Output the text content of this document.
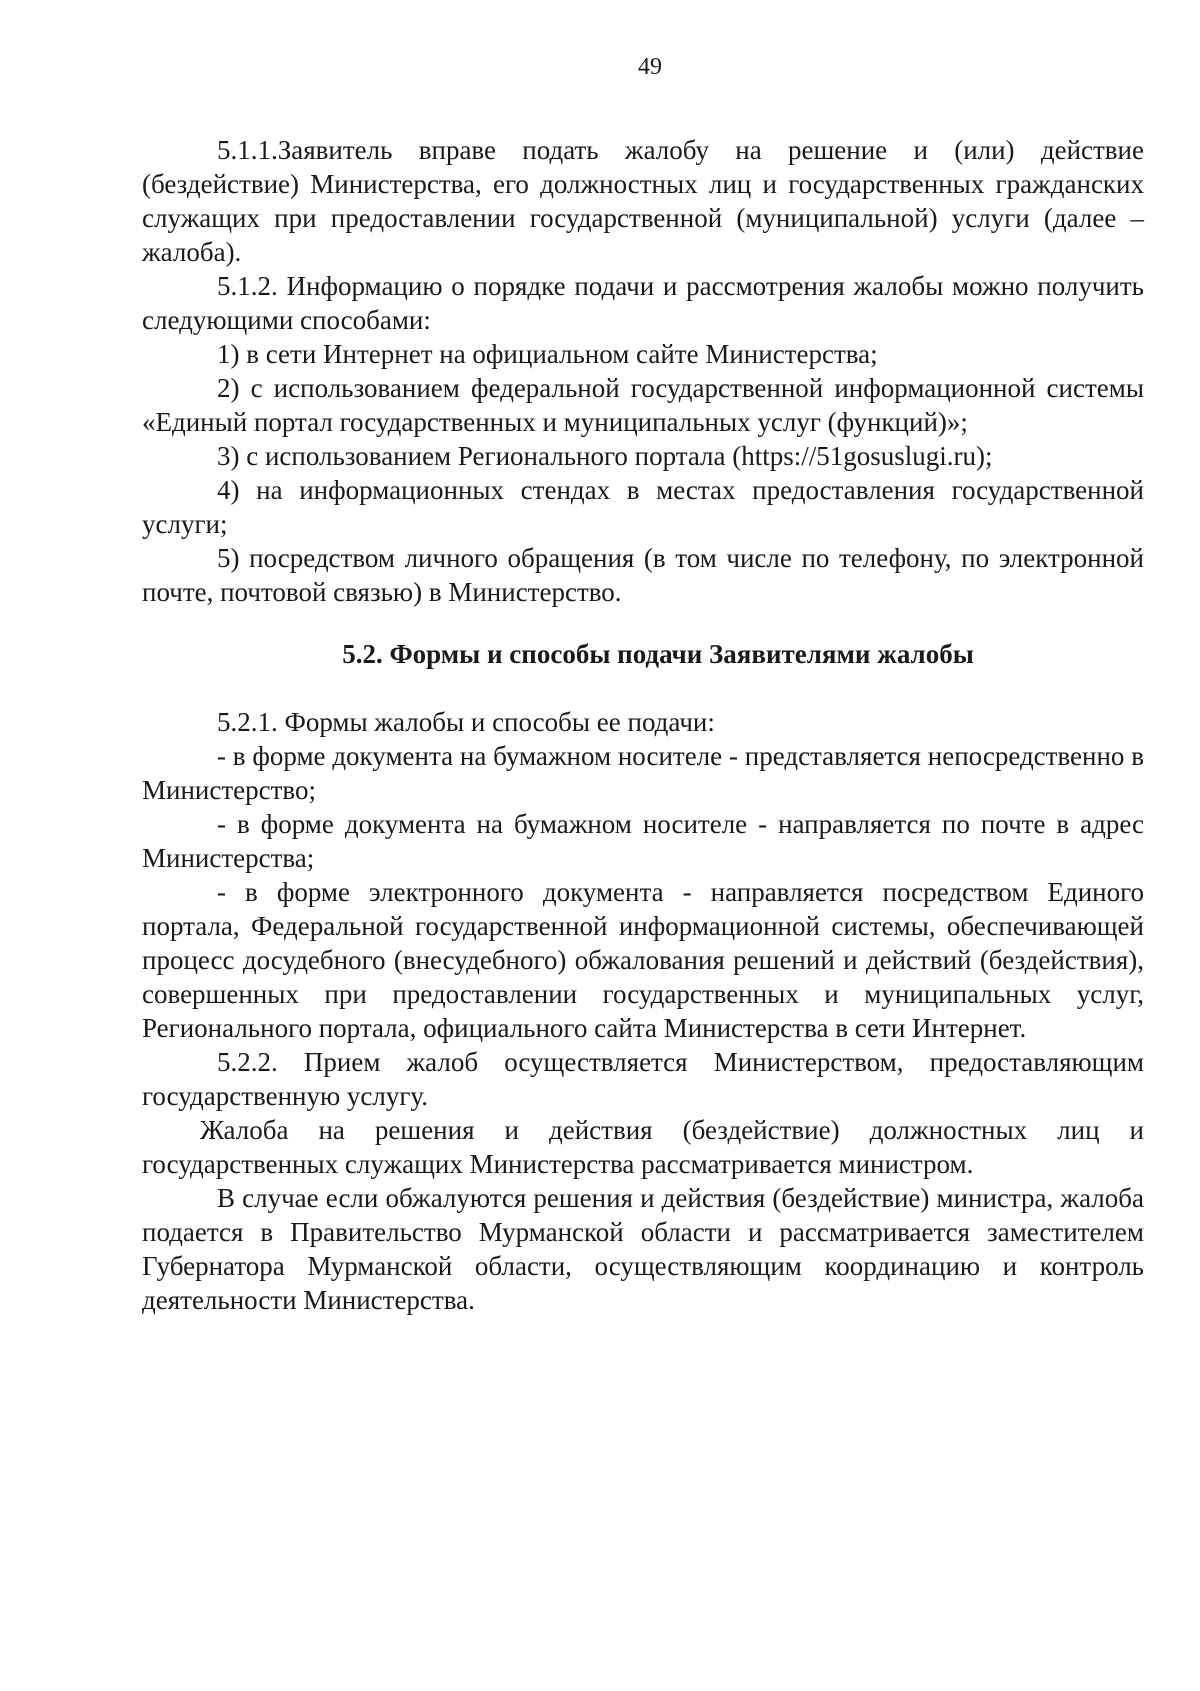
49

5.1.1.Заявитель вправе подать жалобу на решение и (или) действие (бездействие) Министерства, его должностных лиц и государственных гражданских служащих при предоставлении государственной (муниципальной) услуги (далее – жалоба).

5.1.2. Информацию о порядке подачи и рассмотрения жалобы можно получить следующими способами:

1) в сети Интернет на официальном сайте Министерства;

2) с использованием федеральной государственной информационной системы «Единый портал государственных и муниципальных услуг (функций)»;

3) с использованием Регионального портала (https://51gosuslugi.ru);

4) на информационных стендах в местах предоставления государственной услуги;

5) посредством личного обращения (в том числе по телефону, по электронной почте, почтовой связью) в Министерство.

5.2. Формы и способы подачи Заявителями жалобы

5.2.1. Формы жалобы и способы ее подачи:

- в форме документа на бумажном носителе - представляется непосредственно в Министерство;

- в форме документа на бумажном носителе - направляется по почте в адрес Министерства;

- в форме электронного документа - направляется посредством Единого портала, Федеральной государственной информационной системы, обеспечивающей процесс досудебного (внесудебного) обжалования решений и действий (бездействия), совершенных при предоставлении государственных и муниципальных услуг, Регионального портала, официального сайта Министерства в сети Интернет.

5.2.2. Прием жалоб осуществляется Министерством, предоставляющим государственную услугу.

Жалоба на решения и действия (бездействие) должностных лиц и государственных служащих Министерства рассматривается министром.

В случае если обжалуются решения и действия (бездействие) министра, жалоба подается в Правительство Мурманской области и рассматривается заместителем Губернатора Мурманской области, осуществляющим координацию и контроль деятельности Министерства.
